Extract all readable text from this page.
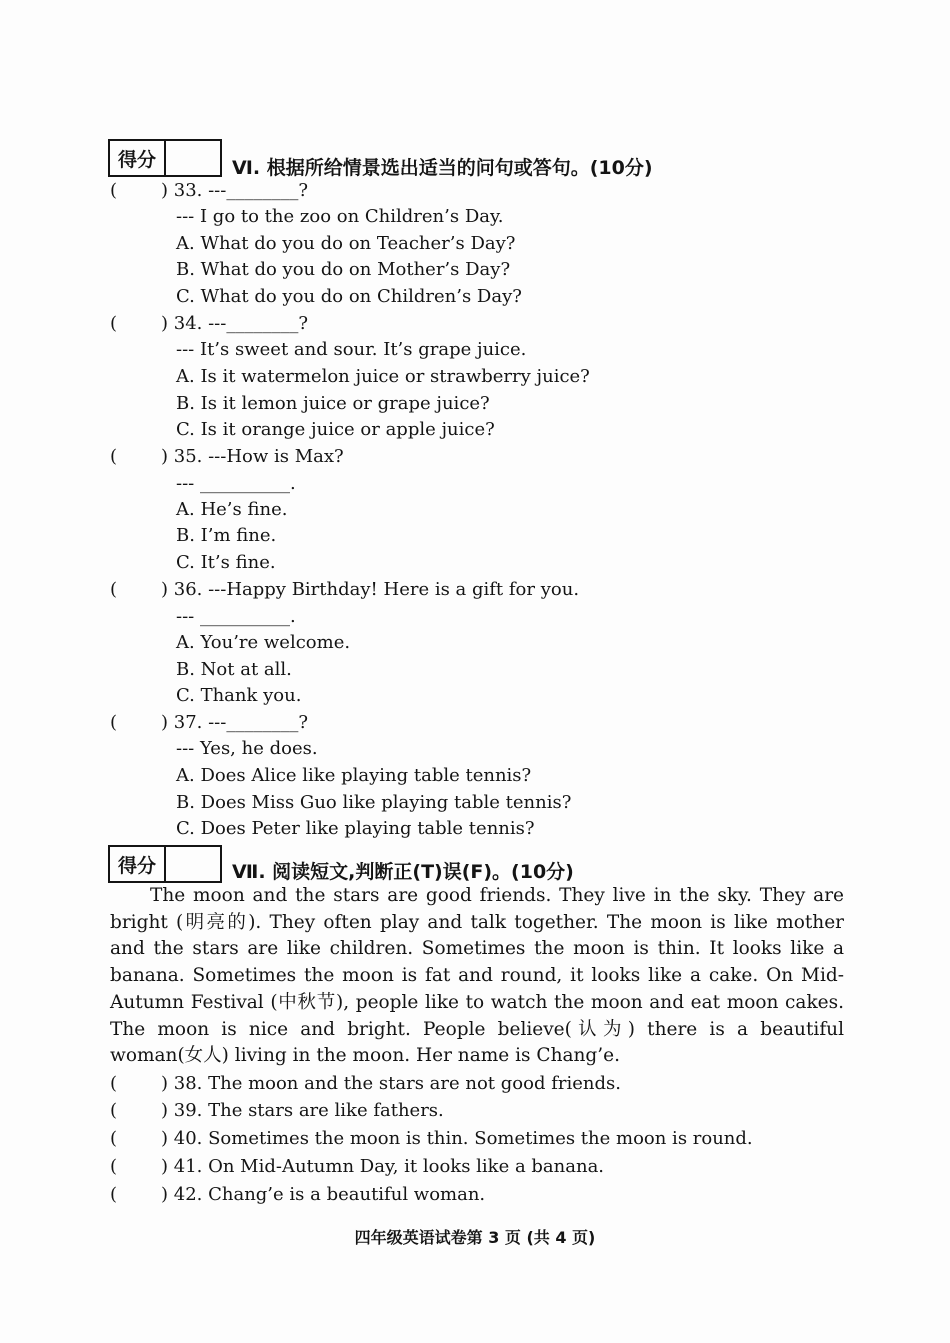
得分	Ⅵ. 根据所给情景选出适当的问句或答句。(10分)
( ) 33. ---________?
--- I go to the zoo on Children’s Day.
A. What do you do on Teacher’s Day?
B. What do you do on Mother’s Day?
C. What do you do on Children’s Day?
( ) 34. ---________?
--- It’s sweet and sour. It’s grape juice.
A. Is it watermelon juice or strawberry juice?
B. Is it lemon juice or grape juice?
C. Is it orange juice or apple juice?
( ) 35. ---How is Max?
--- __________.
A. He’s fine.
B. I’m fine.
C. It’s fine.
( ) 36. ---Happy Birthday! Here is a gift for you.
--- __________.
A. You’re welcome.
B. Not at all.
C. Thank you.
( ) 37. ---________?
--- Yes, he does.
A. Does Alice like playing table tennis?
B. Does Miss Guo like playing table tennis?
C. Does Peter like playing table tennis?
得分	Ⅶ. 阅读短文,判断正(T)误(F)。(10分)

The moon and the stars are good friends. They live in the sky. They are bright (明亮的). They often play and talk together. The moon is like mother and the stars are like children. Sometimes the moon is thin. It looks like a banana. Sometimes the moon is fat and round, it looks like a cake. On Mid-Autumn Festival (中秋节), people like to watch the moon and eat moon cakes. The moon is nice and bright. People believe(认为) there is a beautiful woman(女人) living in the moon. Her name is Chang’e.

( ) 38. The moon and the stars are not good friends.
( ) 39. The stars are like fathers.
( ) 40. Sometimes the moon is thin. Sometimes the moon is round.
( ) 41. On Mid-Autumn Day, it looks like a banana.
( ) 42. Chang’e is a beautiful woman.
四年级英语试卷第 3 页 (共 4 页)
